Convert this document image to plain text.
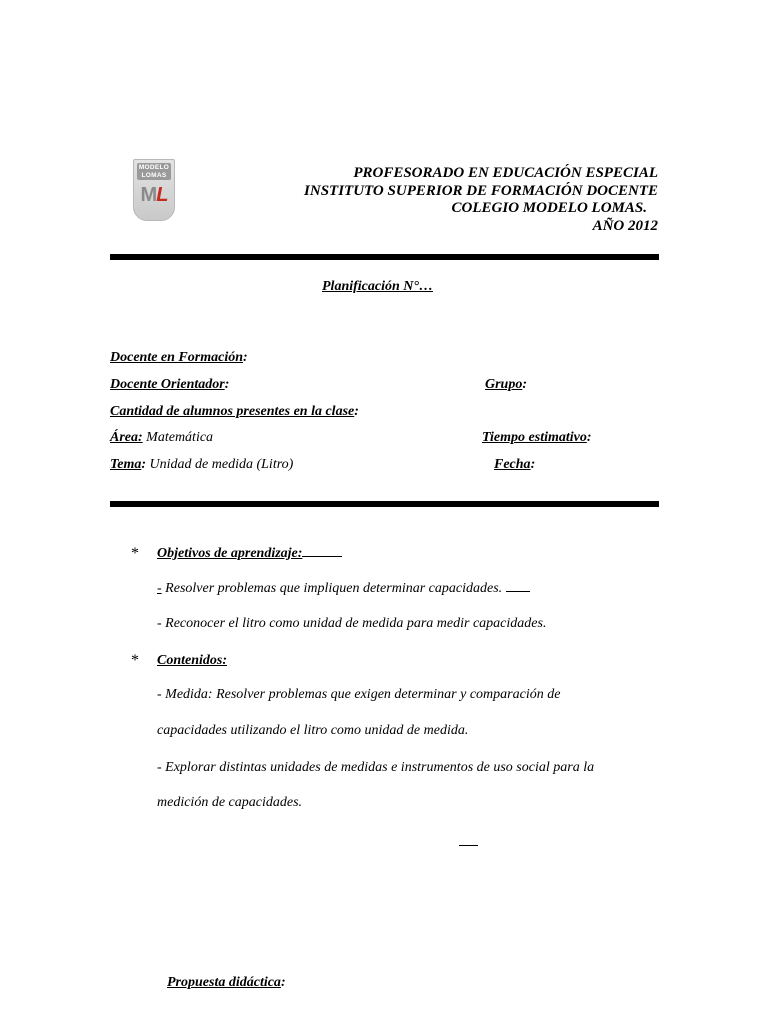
MODELO LOMAS
ML
PROFESORADO EN EDUCACIÓN ESPECIAL
INSTITUTO SUPERIOR DE FORMACIÓN DOCENTE
COLEGIO MODELO LOMAS.
AÑO 2012
Planificación N°…
Docente en Formación:
Docente Orientador:	Grupo:
Cantidad de alumnos presentes en la clase:
Área: Matemática	Tiempo estimativo:
Tema: Unidad de medida (Litro)	Fecha:
* Objetivos de aprendizaje:
- Resolver problemas que impliquen determinar capacidades.
- Reconocer el litro como unidad de medida para medir capacidades.
* Contenidos:
- Medida: Resolver problemas que exigen determinar y comparación de
capacidades utilizando el litro como unidad de medida.
- Explorar distintas unidades de medidas e instrumentos de uso social para la
medición de capacidades.
Propuesta didáctica:
